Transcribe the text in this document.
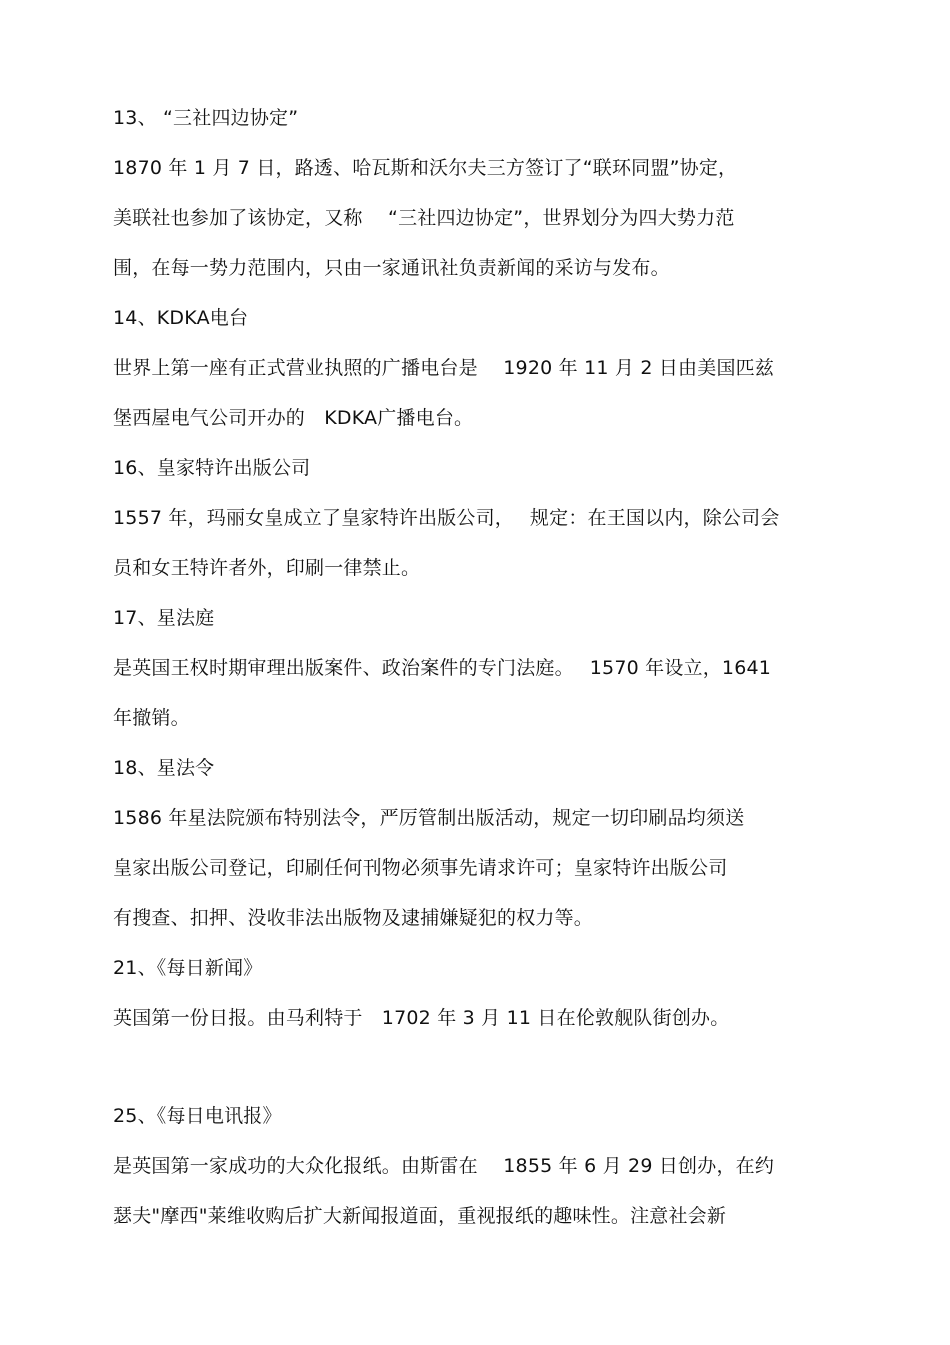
13、 “三社四边协定”
1870 年 1 月 7 日，路透、哈瓦斯和沃尔夫三方签订了“联环同盟”协定，
美联社也参加了该协定，又称　 “三社四边协定”，世界划分为四大势力范
围，在每一势力范围内，只由一家通讯社负责新闻的采访与发布。
14、KDKA电台
世界上第一座有正式营业执照的广播电台是　 1920 年 11 月 2 日由美国匹兹
堡西屋电气公司开办的　KDKA广播电台。
16、皇家特许出版公司
1557 年，玛丽女皇成立了皇家特许出版公司，　 规定：在王国以内，除公司会
员和女王特许者外，印刷一律禁止。
17、星法庭
是英国王权时期审理出版案件、政治案件的专门法庭。　 1570 年设立，1641
年撤销。
18、星法令
1586 年星法院颁布特别法令，严厉管制出版活动，规定一切印刷品均须送
皇家出版公司登记，印刷任何刊物必须事先请求许可；皇家特许出版公司
有搜查、扣押、没收非法出版物及逮捕嫌疑犯的权力等。
21、《每日新闻》
英国第一份日报。由马利特于　1702 年 3 月 11 日在伦敦舰队街创办。
25、《每日电讯报》
是英国第一家成功的大众化报纸。由斯雷在　 1855 年 6 月 29 日创办，在约
瑟夫"摩西"莱维收购后扩大新闻报道面，重视报纸的趣味性。注意社会新
